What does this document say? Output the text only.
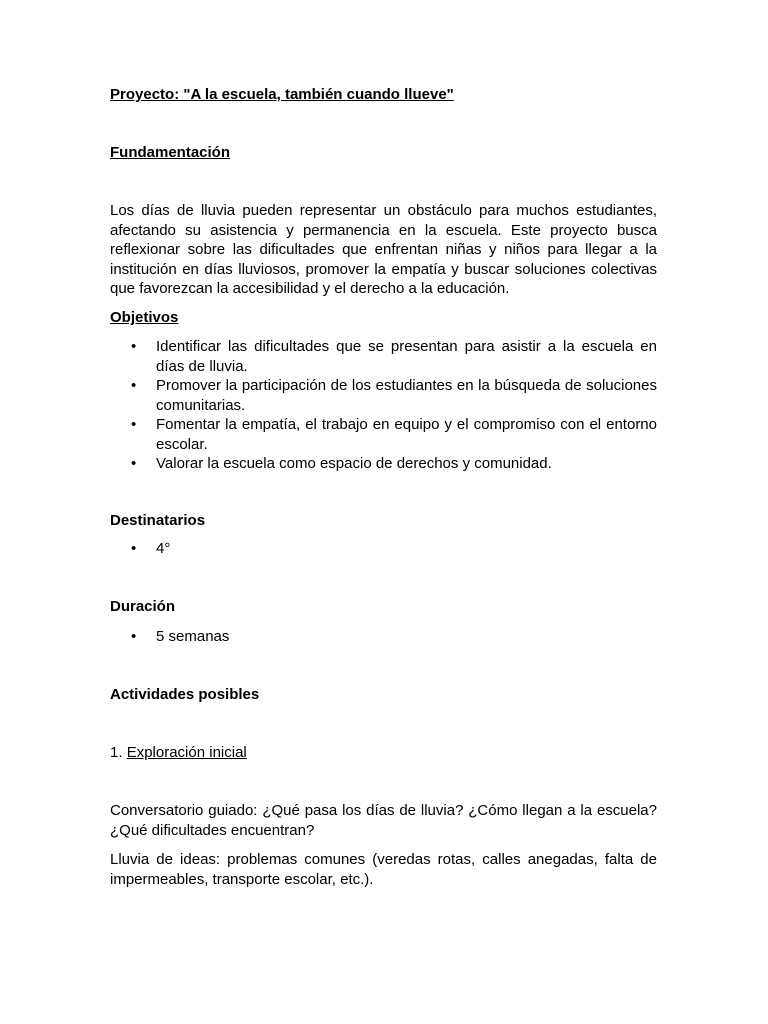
Proyecto: "A la escuela, también cuando llueve"
Fundamentación

Los días de lluvia pueden representar un obstáculo para muchos estudiantes, afectando su asistencia y permanencia en la escuela. Este proyecto busca reflexionar sobre las dificultades que enfrentan niñas y niños para llegar a la institución en días lluviosos, promover la empatía y buscar soluciones colectivas que favorezcan la accesibilidad y el derecho a la educación.

Objetivos
• Identificar las dificultades que se presentan para asistir a la escuela en días de lluvia.
• Promover la participación de los estudiantes en la búsqueda de soluciones comunitarias.
• Fomentar la empatía, el trabajo en equipo y el compromiso con el entorno escolar.
• Valorar la escuela como espacio de derechos y comunidad.
Destinatarios
• 4°
Duración
• 5 semanas
Actividades posibles
1. Exploración inicial

Conversatorio guiado: ¿Qué pasa los días de lluvia? ¿Cómo llegan a la escuela? ¿Qué dificultades encuentran?

Lluvia de ideas: problemas comunes (veredas rotas, calles anegadas, falta de impermeables, transporte escolar, etc.).
